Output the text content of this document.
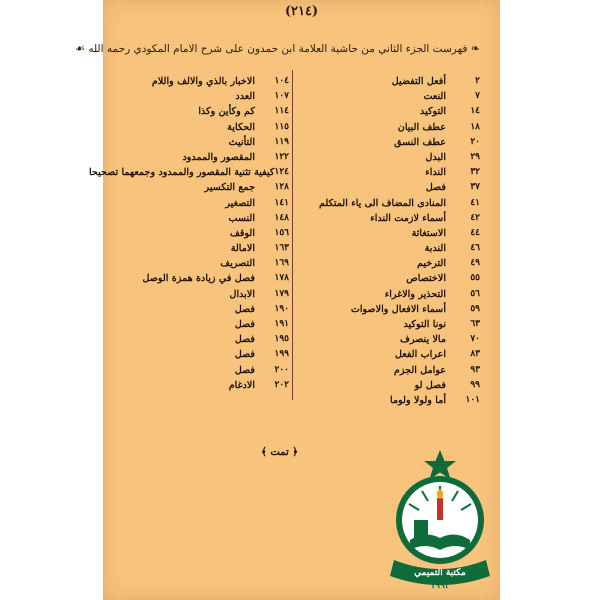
(٢١٤)
❧ فهرست الجزء الثاني من حاشية العلامة ابن حمدون على شرح الامام المكودي رحمه الله ☙
٢
أفعل التفضيل
٧
النعت
١٤
التوكيد
١٨
عطف البيان
٢٠
عطف النسق
٢٩
البدل
٣٢
النداء
٣٧
فصل
٤١
المنادى المضاف الى ياء المتكلم
٤٢
أسماء لازمت النداء
٤٤
الاستغاثة
٤٦
الندبة
٤٩
الترخيم
٥٥
الاختصاص
٥٦
التحذير والاغراء
٥٩
أسماء الافعال والاصوات
٦٣
نونا التوكيد
٧٠
مالا ينصرف
٨٣
اعراب الفعل
٩٣
عوامل الجزم
٩٩
فصل لو
١٠١
أما ولولا ولوما
١٠٤
الاخبار بالذي والالف واللام
١٠٧
العدد
١١٤
كم وكأين وكذا
١١٥
الحكاية
١١٩
التأنيث
١٢٢
المقصور والممدود
١٢٤
كيفية تثنية المقصور والممدود وجمعهما تصحيحا
١٢٨
جمع التكسير
١٤١
التصغير
١٤٨
النسب
١٥٦
الوقف
١٦٣
الامالة
١٦٩
التصريف
١٧٨
فصل في زيادة همزة الوصل
١٧٩
الابدال
١٩٠
فصل
١٩١
فصل
١٩٥
فصل
١٩٩
فصل
٢٠٠
فصل
٢٠٢
الادغام
﴿ تمت ﴾
مكتبة التميمي
١٩٩٣
